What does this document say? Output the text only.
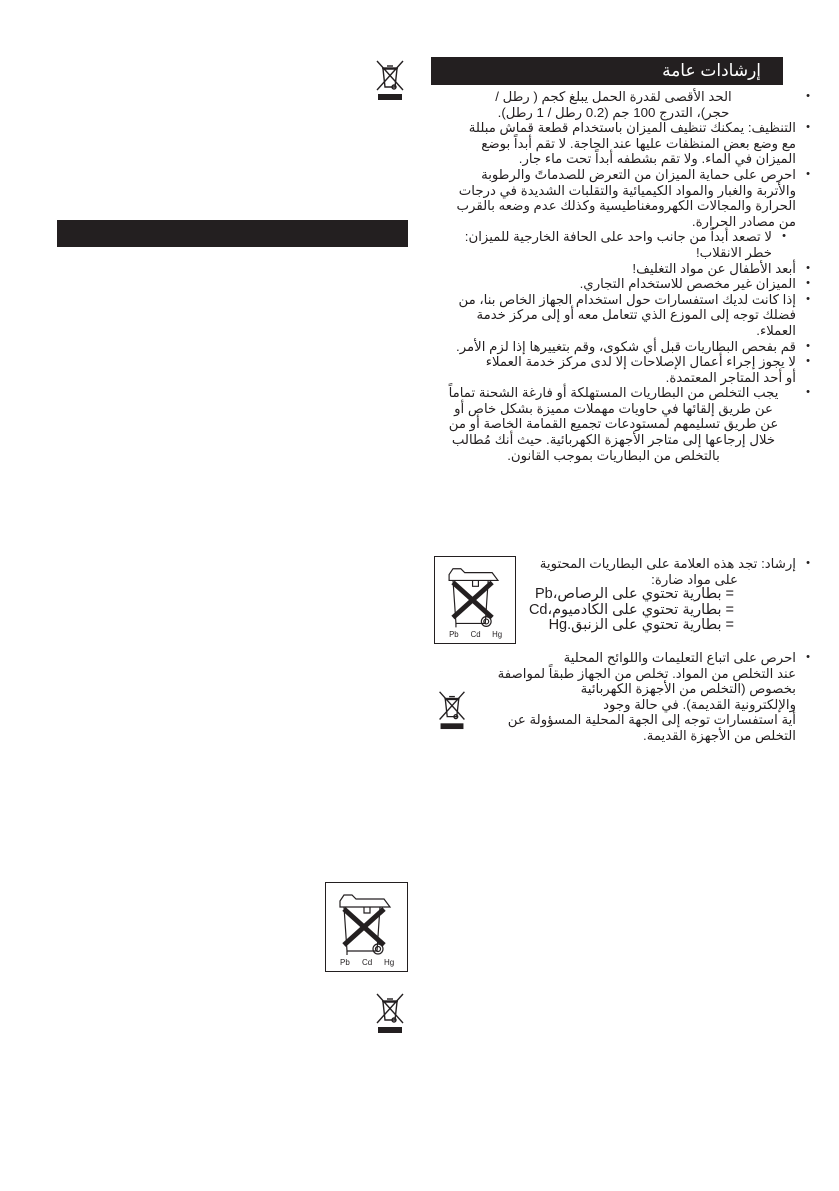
Pb Cd Hg
إرشادات عامة
• الحد الأقصى لقدرة الحمل يبلغ كجم ( رطل /
حجر)، التدرج 100 جم (0.2 رطل / 1 رطل).
• التنظيف: يمكنك تنظيف الميزان باستخدام قطعة قماش مبللة
مع وضع بعض المنظفات عليها عند الحاجة. لا تقم أبداً بوضع
الميزان في الماء. ولا تقم بشطفه أبداً تحت ماء جار.
• احرص على حماية الميزان من التعرض للصدماتً والرطوبة
والأتربة والغبار والمواد الكيميائية والتقلبات الشديدة في درجات
الحرارة والمجالات الكهرومغناطيسية وكذلك عدم وضعه بالقرب
من مصادر الحرارة.
• لا تصعد أبداً من جانب واحد على الحافة الخارجية للميزان:
خطر الانقلاب!
• أبعد الأطفال عن مواد التغليف!
• الميزان غير مخصص للاستخدام التجاري.
• إذا كانت لديك استفسارات حول استخدام الجهاز الخاص بنا، من
فضلك توجه إلى الموزع الذي تتعامل معه أو إلى مركز خدمة
العملاء.
• قم بفحص البطاريات قبل أي شكوى، وقم بتغييرها إذا لزم الأمر.
• لا يجوز إجراء أعمال الإصلاحات إلا لدى مركز خدمة العملاء
أو أحد المتاجر المعتمدة.
• يجب التخلص من البطاريات المستهلكة أو فارغة الشحنة تماماً
عن طريق إلقائها في حاويات مهملات مميزة بشكل خاص أو
عن طريق تسليمهم لمستودعات تجميع القمامة الخاصة أو من
خلال إرجاعها إلى متاجر الأجهزة الكهربائية. حيث أنك مُطالب
بالتخلص من البطاريات بموجب القانون.
Pb Cd Hg
• إرشاد: تجد هذه العلامة على البطاريات المحتوية
على مواد ضارة:
= بطارية تحتوي على الرصاص،Pb
= بطارية تحتوي على الكادميوم،Cd
= بطارية تحتوي على الزنبق.Hg
• احرص على اتباع التعليمات واللوائح المحلية
عند التخلص من المواد. تخلص من الجهاز طبقاً لمواصفة
بخصوص (التخلص من الأجهزة الكهربائية
والإلكترونية القديمة). في حالة وجود
أية استفسارات توجه إلى الجهة المحلية المسؤولة عن
التخلص من الأجهزة القديمة.
